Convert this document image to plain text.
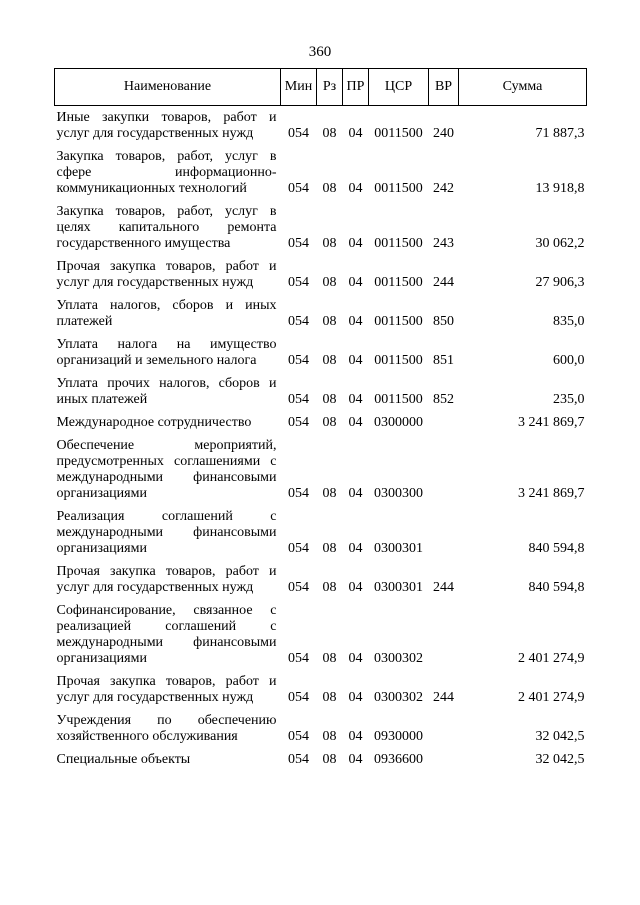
360
Наименование	Мин	Рз	ПР	ЦСР	ВР	Сумма
Иные закупки товаров, работ и услуг для государственных нужд	054	08	04	0011500	240	71 887,3
Закупка товаров, работ, услуг в сфере информационно-коммуникационных технологий	054	08	04	0011500	242	13 918,8
Закупка товаров, работ, услуг в целях капитального ремонта государственного имущества	054	08	04	0011500	243	30 062,2
Прочая закупка товаров, работ и услуг для государственных нужд	054	08	04	0011500	244	27 906,3
Уплата налогов, сборов и иных платежей	054	08	04	0011500	850	835,0
Уплата налога на имущество организаций и земельного налога	054	08	04	0011500	851	600,0
Уплата прочих налогов, сборов и иных платежей	054	08	04	0011500	852	235,0
Международное сотрудничество	054	08	04	0300000		3 241 869,7
Обеспечение мероприятий, предусмотренных соглашениями с международными финансовыми организациями	054	08	04	0300300		3 241 869,7
Реализация соглашений с международными финансовыми организациями	054	08	04	0300301		840 594,8
Прочая закупка товаров, работ и услуг для государственных нужд	054	08	04	0300301	244	840 594,8
Софинансирование, связанное с реализацией соглашений с международными финансовыми организациями	054	08	04	0300302		2 401 274,9
Прочая закупка товаров, работ и услуг для государственных нужд	054	08	04	0300302	244	2 401 274,9
Учреждения по обеспечению хозяйственного обслуживания	054	08	04	0930000		32 042,5
Специальные объекты	054	08	04	0936600		32 042,5
